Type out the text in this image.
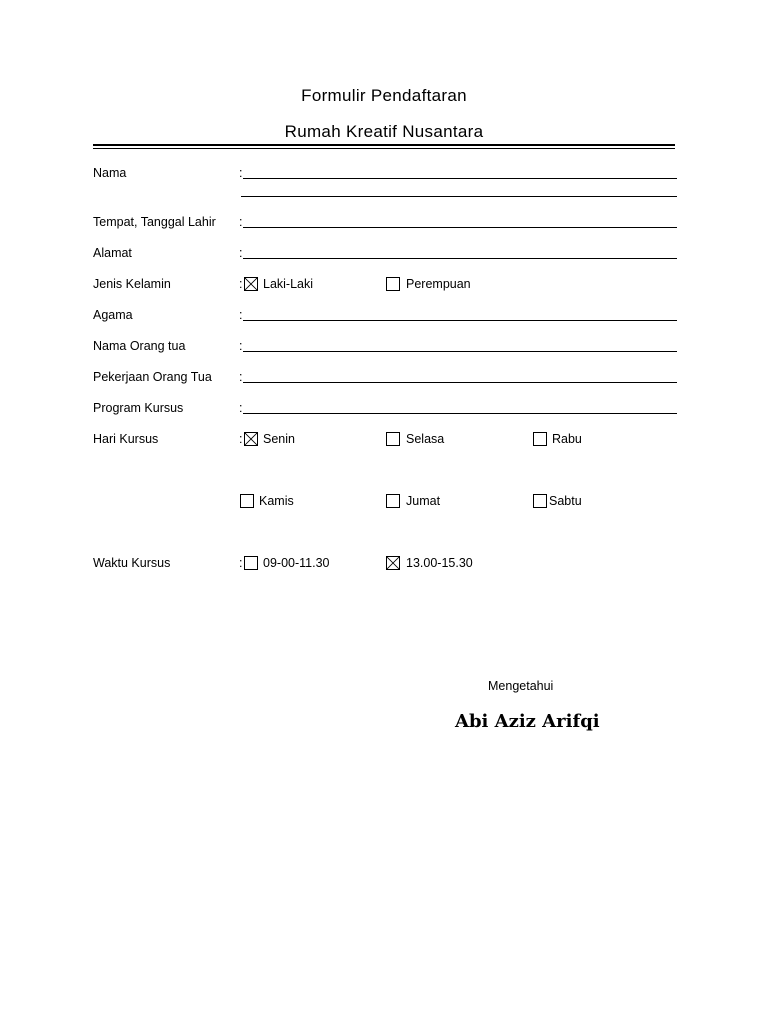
Formulir Pendaftaran
Rumah Kreatif Nusantara
Nama	:
Tempat, Tanggal Lahir :
Alamat	:
Jenis Kelamin	: Laki-Laki	Perempuan
Agama	:
Nama Orang tua	:
Pekerjaan Orang Tua :
Program Kursus	:
Hari Kursus	: Senin	Selasa	Rabu
Kamis	Jumat	Sabtu
Waktu Kursus	: 09-00-11.30	13.00-15.30
Mengetahui
Abi Aziz Arifqi
